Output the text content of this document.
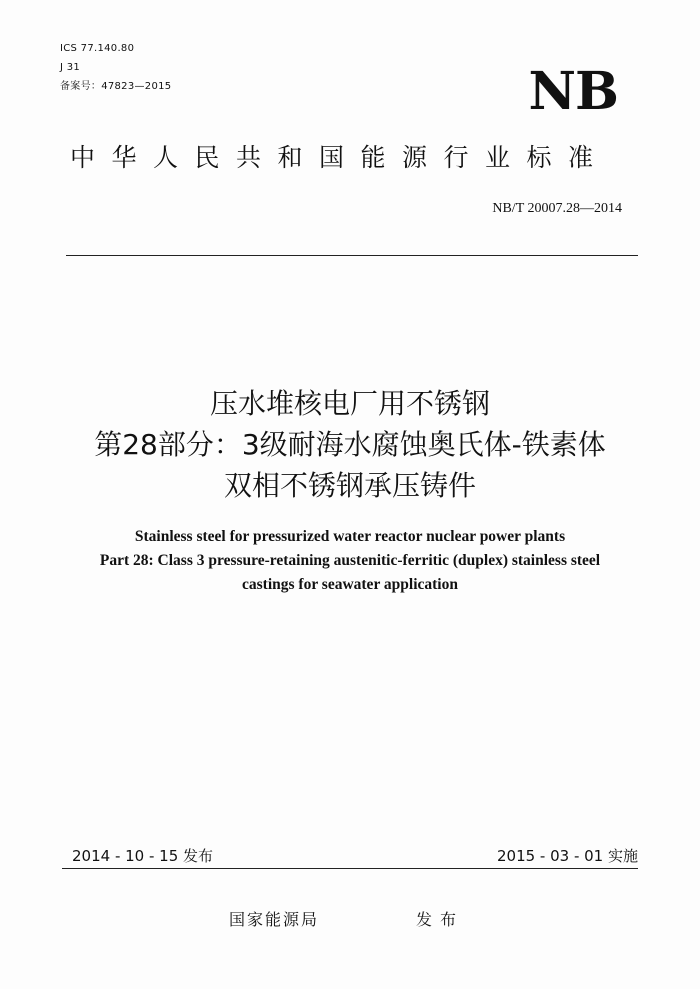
ICS 77.140.80
J 31
备案号：47823—2015	NB
中华人民共和国能源行业标准
NB/T 20007.28—2014
压水堆核电厂用不锈钢
第28部分：3级耐海水腐蚀奥氏体-铁素体
双相不锈钢承压铸件
Stainless steel for pressurized water reactor nuclear power plants
Part 28: Class 3 pressure-retaining austenitic-ferritic (duplex) stainless steel
castings for seawater application
2014 - 10 - 15 发布	2015 - 03 - 01 实施
国家能源局	发布
